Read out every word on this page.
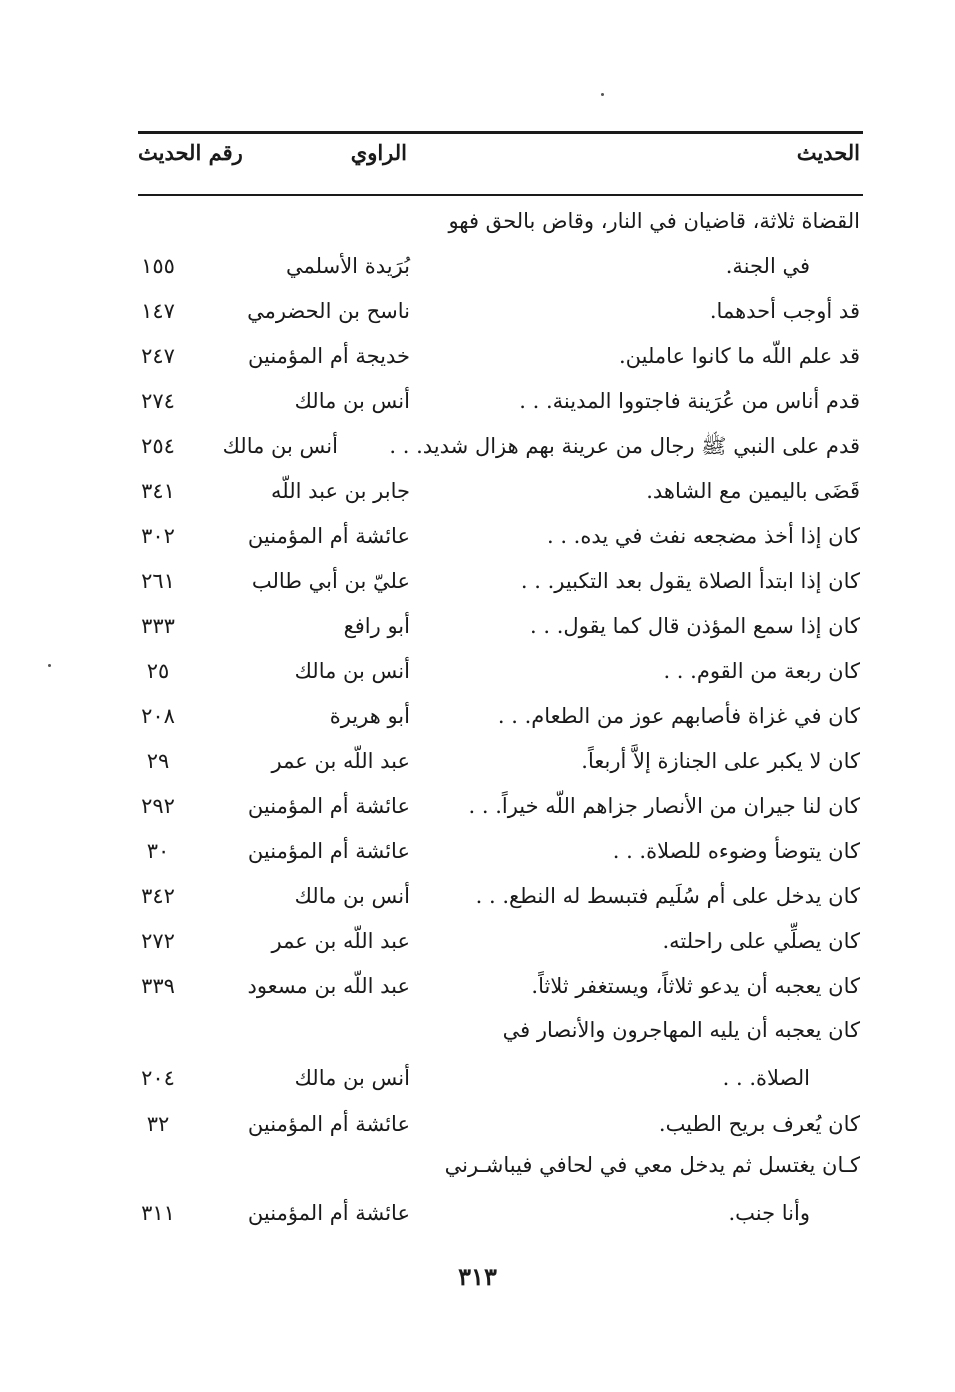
الحديث
الراوي
رقم الحديث
القضاة ثلاثة، قاضيان في النار، وقاض بالحق فهو
في الجنة.
بُرَيدة الأسلمي
١٥٥
قد أوجب أحدهما.
ناسح بن الحضرمي
١٤٧
قد علم اللّه ما كانوا عاملين.
خديجة أم المؤمنين
٢٤٧
قدم أناس من عُرَينة فاجتووا المدينة. . .
أنس بن مالك
٢٧٤
قدم على النبي ﷺ رجال من عرينة بهم هزال شديد. . .
أنس بن مالك
٢٥٤
قَضَى باليمين مع الشاهد.
جابر بن عبد اللّه
٣٤١
كان إذا أخذ مضجعه نفث في يده. . .
عائشة أم المؤمنين
٣٠٢
كان إذا ابتدأ الصلاة يقول بعد التكبير. . .
عليّ بن أبي طالب
٢٦١
كان إذا سمع المؤذن قال كما يقول. . .
أبو رافع
٣٣٣
كان ربعة من القوم. . .
أنس بن مالك
٢٥
كان في غزاة فأصابهم عوز من الطعام. . .
أبو هريرة
٢٠٨
كان لا يكبر على الجنازة إلاَّ أربعاً.
عبد اللّه بن عمر
٢٩
كان لنا جيران من الأنصار جزاهم اللّه خيراً. . .
عائشة أم المؤمنين
٢٩٢
كان يتوضأ وضوءه للصلاة. . .
عائشة أم المؤمنين
٣٠
كان يدخل على أم سُلَيم فتبسط له النطع. . .
أنس بن مالك
٣٤٢
كان يصلِّي على راحلته.
عبد اللّه بن عمر
٢٧٢
كان يعجبه أن يدعو ثلاثاً، ويستغفر ثلاثاً.
عبد اللّه بن مسعود
٣٣٩
كان يعجبه أن يليه المهاجرون والأنصار في
الصلاة. . .
أنس بن مالك
٢٠٤
كان يُعرف بريح الطيب.
عائشة أم المؤمنين
٣٢
كـان يغتسل ثم يدخل معي في لحافي فيباشـرني
وأنا جنب.
عائشة أم المؤمنين
٣١١
٣١٣
